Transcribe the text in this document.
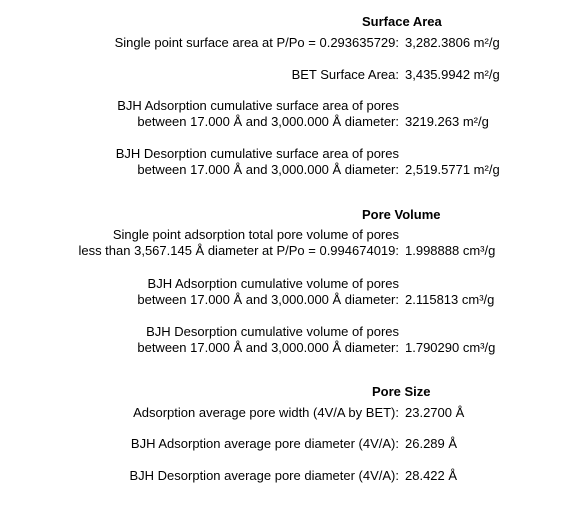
Surface Area
Single point surface area at P/Po = 0.293635729: 3,282.3806 m²/g
BET Surface Area: 3,435.9942 m²/g
BJH Adsorption cumulative surface area of pores
between 17.000 Å and 3,000.000 Å diameter: 3219.263 m²/g
BJH Desorption cumulative surface area of pores
between 17.000 Å and 3,000.000 Å diameter: 2,519.5771 m²/g
Pore Volume
Single point adsorption total pore volume of pores
less than 3,567.145 Å diameter at P/Po = 0.994674019: 1.998888 cm³/g
BJH Adsorption cumulative volume of pores
between 17.000 Å and 3,000.000 Å diameter: 2.115813 cm³/g
BJH Desorption cumulative volume of pores
between 17.000 Å and 3,000.000 Å diameter: 1.790290 cm³/g
Pore Size
Adsorption average pore width (4V/A by BET): 23.2700 Å
BJH Adsorption average pore diameter (4V/A): 26.289 Å
BJH Desorption average pore diameter (4V/A): 28.422 Å
